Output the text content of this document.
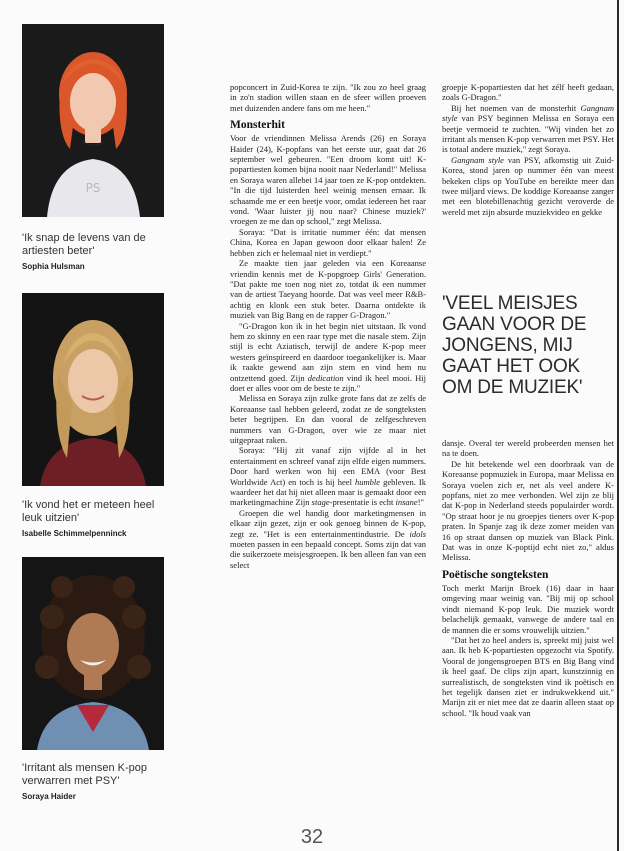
PS

'Ik snap de levens van de artiesten beter'

Sophia Hulsman

'Ik vond het er meteen heel leuk uitzien'

Isabelle Schimmelpenninck

'Irritant als mensen K-pop verwarren met PSY'

Soraya Haider

popconcert in Zuid-Korea te zijn. "Ik zou zo heel graag in zo'n stadion willen staan en de sfeer willen proeven met duizenden andere fans om me heen."

Monsterhit

Voor de vriendinnen Melissa Arends (26) en Soraya Haider (24), K-popfans van het eerste uur, gaat dat 26 september wel gebeuren. "Een droom komt uit! K-popartiesten komen bijna nooit naar Nederland!" Melissa en Soraya waren allebei 14 jaar toen ze K-pop ontdekten. "In die tijd luisterden heel weinig mensen ernaar. Ik schaamde me er een beetje voor, omdat iedereen het raar vond. 'Waar luister jij nou naar? Chinese muziek?' vroegen ze me dan op school," zegt Melissa.

Soraya: "Dat is irritatie nummer één: dat mensen China, Korea en Japan gewoon door elkaar halen! Ze hebben zich er helemaal niet in verdiept."

Ze maakte tien jaar geleden via een Koreaanse vriendin kennis met de K-popgroep Girls' Generation. "Dat pakte me toen nog niet zo, totdat ik een nummer van de artiest Taeyang hoorde. Dat was veel meer R&B-achtig en klonk een stuk beter. Daarna ontdekte ik muziek van Big Bang en de rapper G-Dragon."

"G-Dragon kon ik in het begin niet uitstaan. Ik vond hem zo skinny en een raar type met die nasale stem. Zijn stijl is echt Aziatisch, terwijl de andere K-pop meer westers geïnspireerd en daardoor toegankelijker is. Maar ik raakte gewend aan zijn stem en vind hem nu ontzettend goed. Zijn dedication vind ik heel mooi. Hij doet er alles voor om de beste te zijn."

Melissa en Soraya zijn zulke grote fans dat ze zelfs de Koreaanse taal hebben geleerd, zodat ze de songteksten beter begrijpen. En dan vooral de zelfgeschreven nummers van G-Dragon, over wie ze maar niet uitgepraat raken.

Soraya: "Hij zit vanaf zijn vijfde al in het entertainment en schreef vanaf zijn elfde eigen nummers. Door hard werken won hij een EMA (voor Best Worldwide Act) en toch is hij heel humble gebleven. Ik waardeer het dat hij niet alleen maar is gemaakt door een marketingmachine Zijn stage-presentatie is echt insane!"

Groepen die wel handig door marketingmensen in elkaar zijn gezet, zijn er ook genoeg binnen de K-pop, zegt ze. "Het is een entertainmentindustrie. De idols moeten passen in een bepaald concept. Soms zijn dat van die suikerzoete meisjesgroepen. Ik ben alleen fan van een select

groepje K-popartiesten dat het zélf heeft gedaan, zoals G-Dragon."

Bij het noemen van de monsterhit Gangnam style van PSY beginnen Melissa en Soraya een beetje vermoeid te zuchten. "Wij vinden het zo irritant als mensen K-pop verwarren met PSY. Het is totaal andere muziek," zegt Soraya.

Gangnam style van PSY, afkomstig uit Zuid-Korea, stond jaren op nummer één van meest bekeken clips op YouTube en bereikte meer dan twee miljard views. De koddige Koreaanse zanger met een blotebillenachtig gezicht veroverde de wereld met zijn absurde muziekvideo en gekke

'VEEL MEISJES GAAN VOOR DE JONGENS, MIJ GAAT HET OOK OM DE MUZIEK'

dansje. Overal ter wereld probeerden mensen het na te doen.

De hit betekende wel een doorbraak van de Koreaanse popmuziek in Europa, maar Melissa en Soraya voelen zich er, net als veel andere K-popfans, niet zo mee verbonden. Wel zijn ze blij dat K-pop in Nederland steeds populairder wordt. "Op straat hoor je nu groepjes tieners over K-pop praten. In Spanje zag ik deze zomer meiden van 16 op straat dansen op muziek van Black Pink. Dat was in onze K-poptijd echt niet zo," aldus Melissa.

Poëtische songteksten

Toch merkt Marijn Broek (16) daar in haar omgeving maar weinig van. "Bij mij op school vindt niemand K-pop leuk. Die muziek wordt belachelijk gemaakt, vanwege de andere taal en de mannen die er soms vrouwelijk uitzien."

"Dat het zo heel anders is, spreekt mij juist wel aan. Ik heb K-popartiesten opgezocht via Spotify. Vooral de jongensgroepen BTS en Big Bang vind ik heel gaaf. De clips zijn apart, kunstzinnig en surrealistisch, de songteksten vind ik poëtisch en het tegelijk dansen ziet er indrukwekkend uit." Marijn zit er niet mee dat ze daarin alleen staat op school. "Ik houd vaak van

32
